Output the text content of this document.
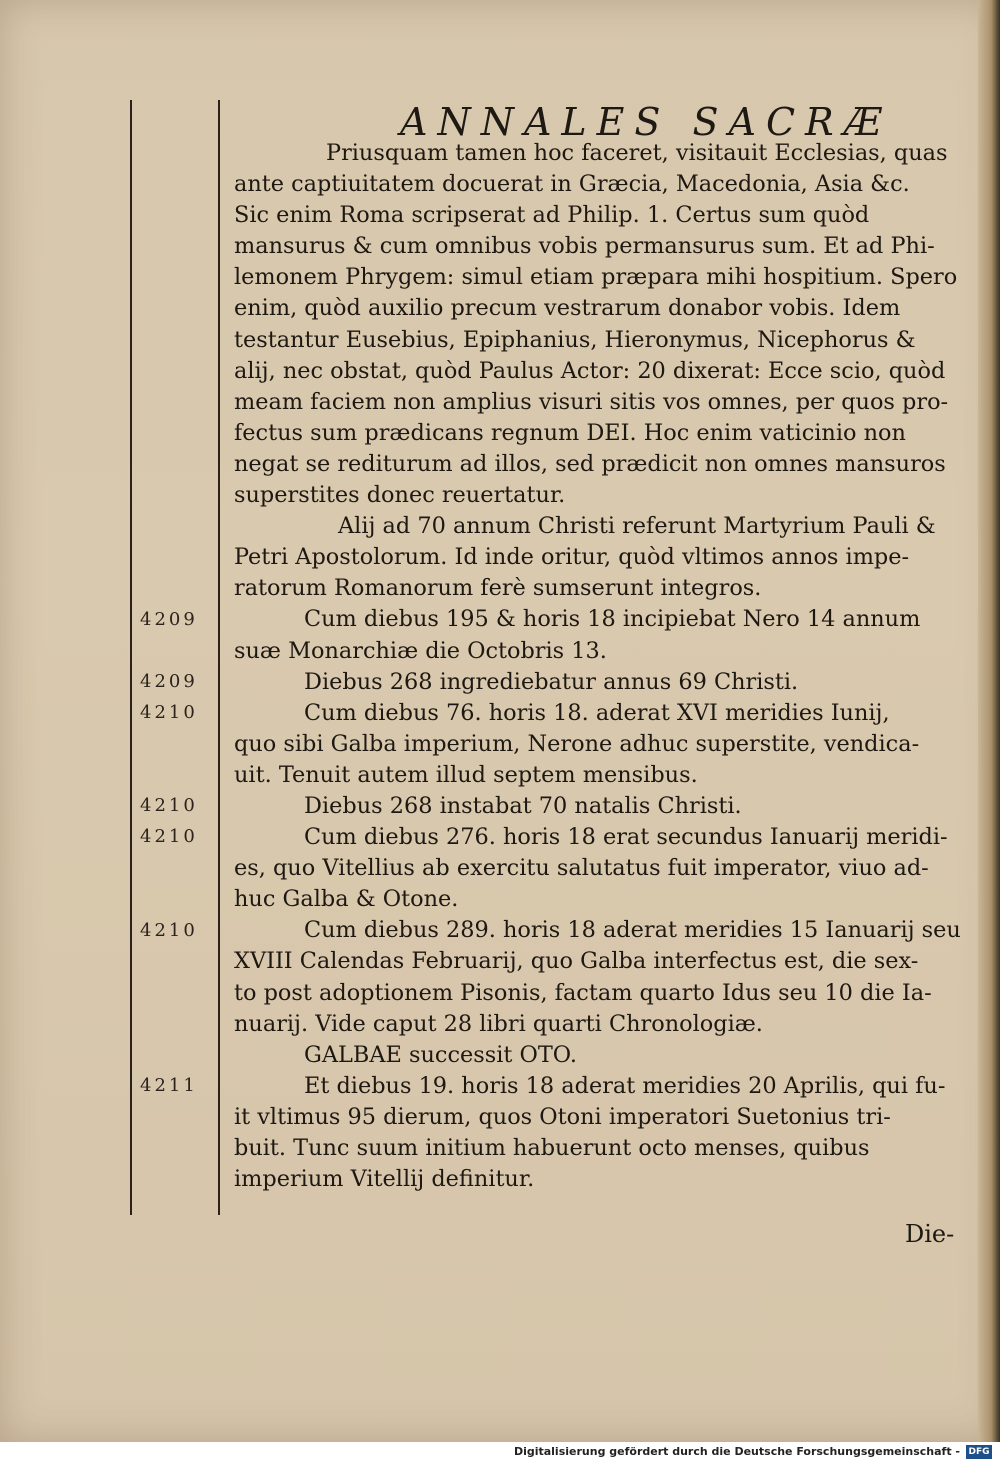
ANNALES SACRÆ
4209
4209
4210
4210
4210
4210
4211
Priusquam tamen hoc faceret, visitauit Ecclesias, quas
ante captiuitatem docuerat in Græcia, Macedonia, Asia &c.
Sic enim Roma scripserat ad Philip. 1. Certus sum quòd
mansurus & cum omnibus vobis permansurus sum. Et ad Phi-
lemonem Phrygem: simul etiam præpara mihi hospitium. Spero
enim, quòd auxilio precum vestrarum donabor vobis. Idem
testantur Eusebius, Epiphanius, Hieronymus, Nicephorus &
alij, nec obstat, quòd Paulus Actor: 20 dixerat: Ecce scio, quòd
meam faciem non amplius visuri sitis vos omnes, per quos pro-
fectus sum prædicans regnum DEI. Hoc enim vaticinio non
negat se rediturum ad illos, sed prædicit non omnes mansuros
superstites donec reuertatur.
Alij ad 70 annum Christi referunt Martyrium Pauli &
Petri Apostolorum. Id inde oritur, quòd vltimos annos impe-
ratorum Romanorum ferè sumserunt integros.
Cum diebus 195 & horis 18 incipiebat Nero 14 annum
suæ Monarchiæ die Octobris 13.
Diebus 268 ingrediebatur annus 69 Christi.
Cum diebus 76. horis 18. aderat XVI meridies Iunij,
quo sibi Galba imperium, Nerone adhuc superstite, vendica-
uit. Tenuit autem illud septem mensibus.
Diebus 268 instabat 70 natalis Christi.
Cum diebus 276. horis 18 erat secundus Ianuarij meridi-
es, quo Vitellius ab exercitu salutatus fuit imperator, viuo ad-
huc Galba & Otone.
Cum diebus 289. horis 18 aderat meridies 15 Ianuarij seu
XVIII Calendas Februarij, quo Galba interfectus est, die sex-
to post adoptionem Pisonis, factam quarto Idus seu 10 die Ia-
nuarij. Vide caput 28 libri quarti Chronologiæ.
GALBAE successit OTO.
Et diebus 19. horis 18 aderat meridies 20 Aprilis, qui fu-
it vltimus 95 dierum, quos Otoni imperatori Suetonius tri-
buit. Tunc suum initium habuerunt octo menses, quibus
imperium Vitellij definitur.
Die-
Digitalisierung gefördert durch die Deutsche Forschungsgemeinschaft - DFG
